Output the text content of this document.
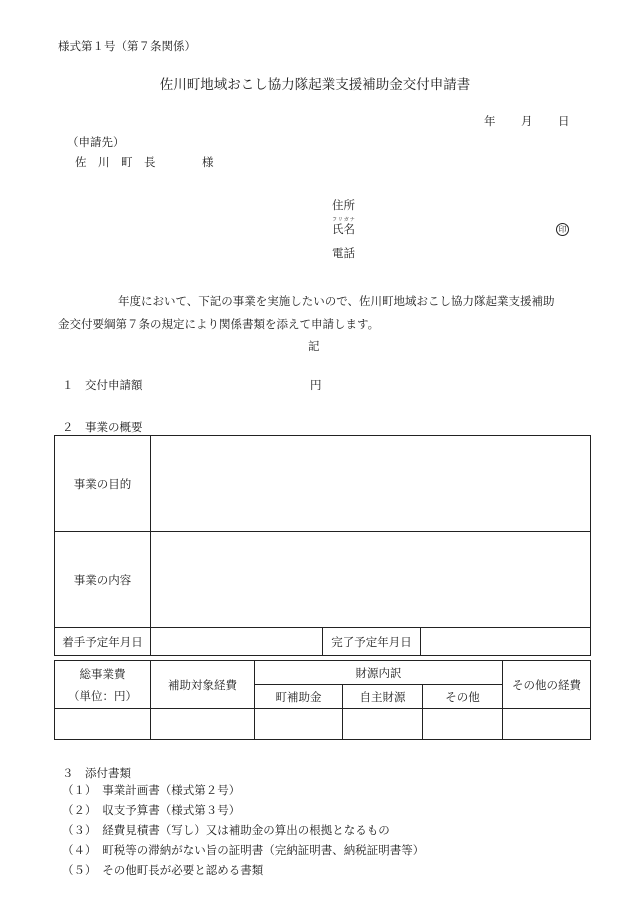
様式第１号（第７条関係）
佐川町地域おこし協力隊起業支援補助金交付申請書
年 月 日
（申請先）
佐　川　町　長	様
住所
フリガナ
氏名	印
電話
年度において、下記の事業を実施したいので、佐川町地域おこし協力隊起業支援補助
金交付要綱第７条の規定により関係書類を添えて申請します。
記
１　交付申請額	円
２　事業の概要
事業の目的			
事業の内容			
着手予定年月日		完了予定年月日	
総事業費
（単位：円）	補助対象経費	財源内訳			その他の経費
		町補助金	自主財源	その他	

３　添付書類
（１）　事業計画書（様式第２号）
（２）　収支予算書（様式第３号）
（３）　経費見積書（写し）又は補助金の算出の根拠となるもの
（４）　町税等の滞納がない旨の証明書（完納証明書、納税証明書等）
（５）　その他町長が必要と認める書類
